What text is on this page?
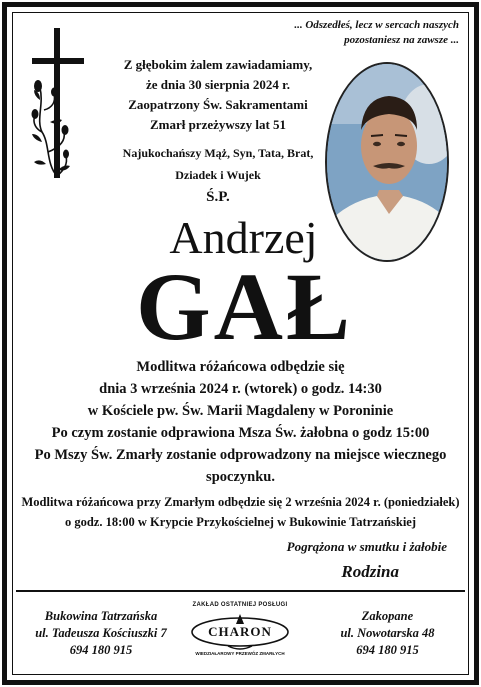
... Odszedłeś, lecz w sercach naszych
pozostaniesz na zawsze ...
Z głębokim żalem zawiadamiamy,
że dnia 30 sierpnia 2024 r.
Zaopatrzony Św. Sakramentami
Zmarł przeżywszy lat 51
Najukochańszy Mąż, Syn, Tata, Brat,
Dziadek i Wujek
Ś.P.
Andrzej
GAŁ
Modlitwa różańcowa odbędzie się
dnia 3 września 2024 r. (wtorek) o godz. 14:30
w Kościele pw. Św. Marii Magdaleny w Poroninie
Po czym zostanie odprawiona Msza Św. żałobna o godz 15:00
Po Mszy Św. Zmarły zostanie odprowadzony na miejsce wiecznego spoczynku.
Modlitwa różańcowa przy Zmarłym odbędzie się 2 września 2024 r. (poniedziałek)
o godz. 18:00 w Krypcie Przykościelnej w Bukowinie Tatrzańskiej
Pogrążona w smutku i żałobie
Rodzina
Bukowina Tatrzańska
ul. Tadeusza Kościuszki 7
694 180 915
ZAKŁAD OSTATNIEJ POSŁUGI
CHARON
WIEDZIAŁAROWY PRZEWÓZ ZMARŁYCH
Zakopane
ul. Nowotarska 48
694 180 915
